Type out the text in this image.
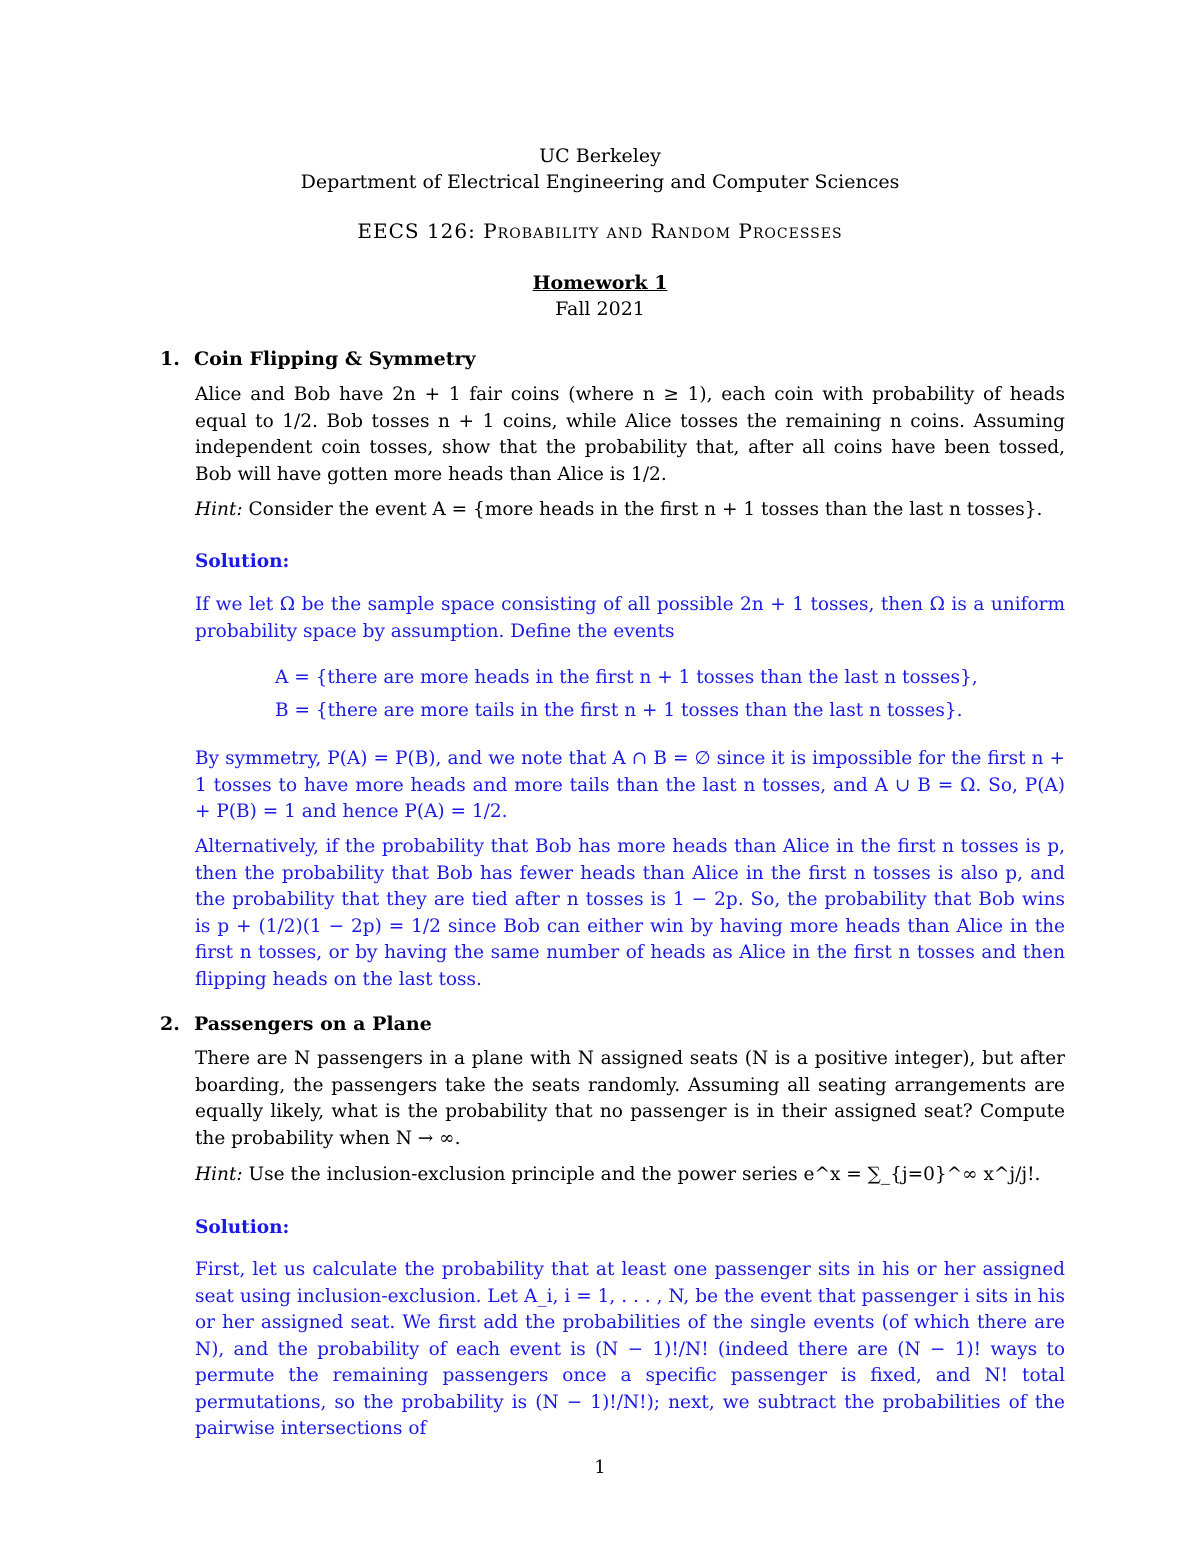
UC Berkeley
Department of Electrical Engineering and Computer Sciences
EECS 126: Probability and Random Processes
Homework 1
Fall 2021
1. Coin Flipping & Symmetry
Alice and Bob have 2n + 1 fair coins (where n ≥ 1), each coin with probability of heads equal to 1/2. Bob tosses n + 1 coins, while Alice tosses the remaining n coins. Assuming independent coin tosses, show that the probability that, after all coins have been tossed, Bob will have gotten more heads than Alice is 1/2.
Hint: Consider the event A = {more heads in the first n + 1 tosses than the last n tosses}.
Solution:
If we let Ω be the sample space consisting of all possible 2n + 1 tosses, then Ω is a uniform probability space by assumption. Define the events
A = {there are more heads in the first n + 1 tosses than the last n tosses},
B = {there are more tails in the first n + 1 tosses than the last n tosses}.
By symmetry, P(A) = P(B), and we note that A ∩ B = ∅ since it is impossible for the first n + 1 tosses to have more heads and more tails than the last n tosses, and A ∪ B = Ω. So, P(A) + P(B) = 1 and hence P(A) = 1/2.
Alternatively, if the probability that Bob has more heads than Alice in the first n tosses is p, then the probability that Bob has fewer heads than Alice in the first n tosses is also p, and the probability that they are tied after n tosses is 1 − 2p. So, the probability that Bob wins is p + (1/2)(1 − 2p) = 1/2 since Bob can either win by having more heads than Alice in the first n tosses, or by having the same number of heads as Alice in the first n tosses and then flipping heads on the last toss.
2. Passengers on a Plane
There are N passengers in a plane with N assigned seats (N is a positive integer), but after boarding, the passengers take the seats randomly. Assuming all seating arrangements are equally likely, what is the probability that no passenger is in their assigned seat? Compute the probability when N → ∞.
Hint: Use the inclusion-exclusion principle and the power series e^x = ∑_{j=0}^∞ x^j/j!.
Solution:
First, let us calculate the probability that at least one passenger sits in his or her assigned seat using inclusion-exclusion. Let A_i, i = 1, . . . , N, be the event that passenger i sits in his or her assigned seat. We first add the probabilities of the single events (of which there are N), and the probability of each event is (N − 1)!/N! (indeed there are (N − 1)! ways to permute the remaining passengers once a specific passenger is fixed, and N! total permutations, so the probability is (N − 1)!/N!); next, we subtract the probabilities of the pairwise intersections of
1
